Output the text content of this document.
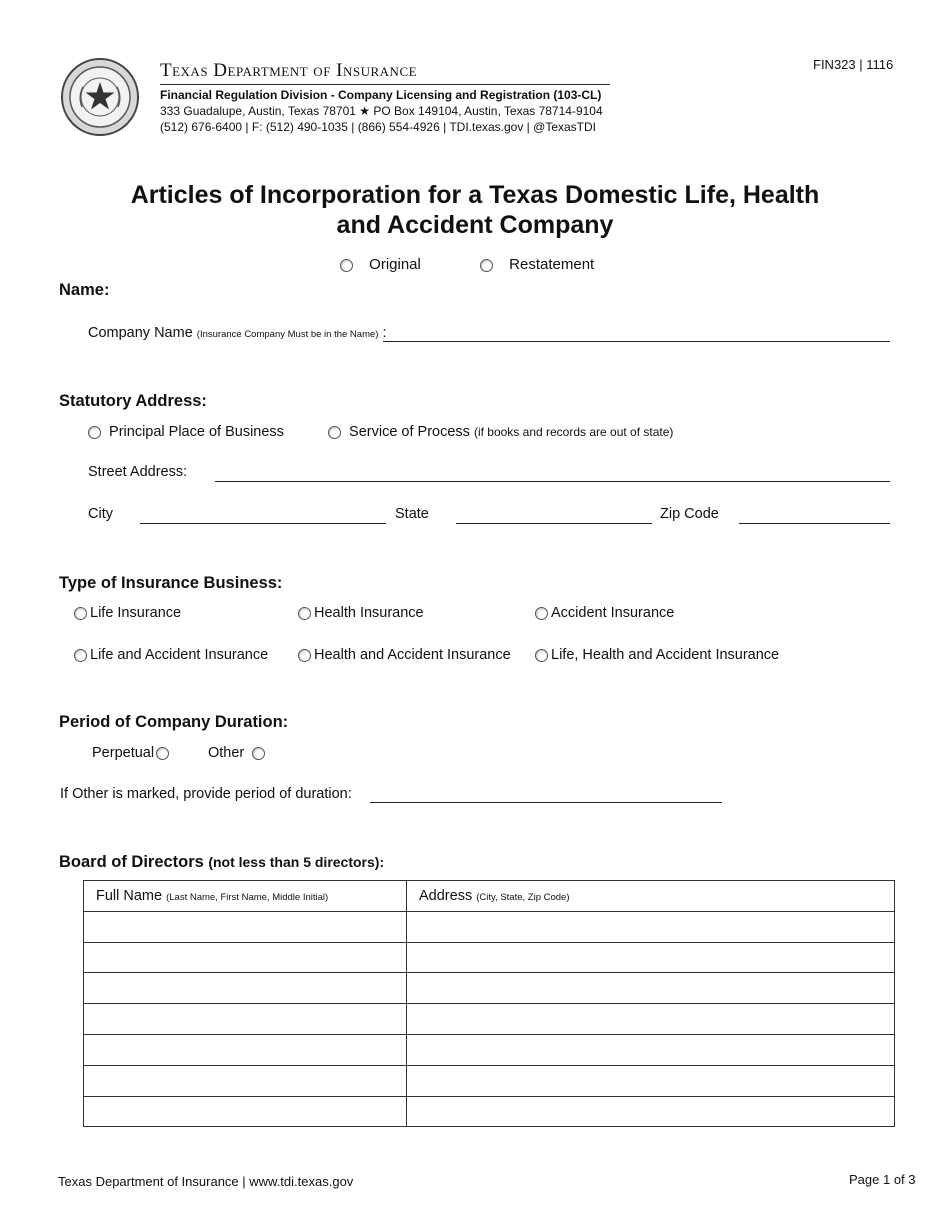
Texas Department of Insurance
Financial Regulation Division - Company Licensing and Registration (103-CL)
333 Guadalupe, Austin, Texas 78701 ★ PO Box 149104, Austin, Texas 78714-9104
(512) 676-6400 | F: (512) 490-1035 | (866) 554-4926 | TDI.texas.gov | @TexasTDI
FIN323 | 1116
Articles of Incorporation for a Texas Domestic Life, Health
and Accident Company
Original	Restatement
Name:
Company Name (Insurance Company Must be in the Name) :
Statutory Address:
Principal Place of Business	Service of Process (if books and records are out of state)
Street Address:
City	State	Zip Code
Type of Insurance Business:
Life Insurance	Health Insurance	Accident Insurance
Life and Accident Insurance	Health and Accident Insurance	Life, Health and Accident Insurance
Period of Company Duration:
Perpetual	Other
If Other is marked, provide period of duration:
Board of Directors (not less than 5 directors):
Full Name (Last Name, First Name, Middle Initial)	Address (City, State, Zip Code)

Texas Department of Insurance | www.tdi.texas.gov	Page 1 of 3
